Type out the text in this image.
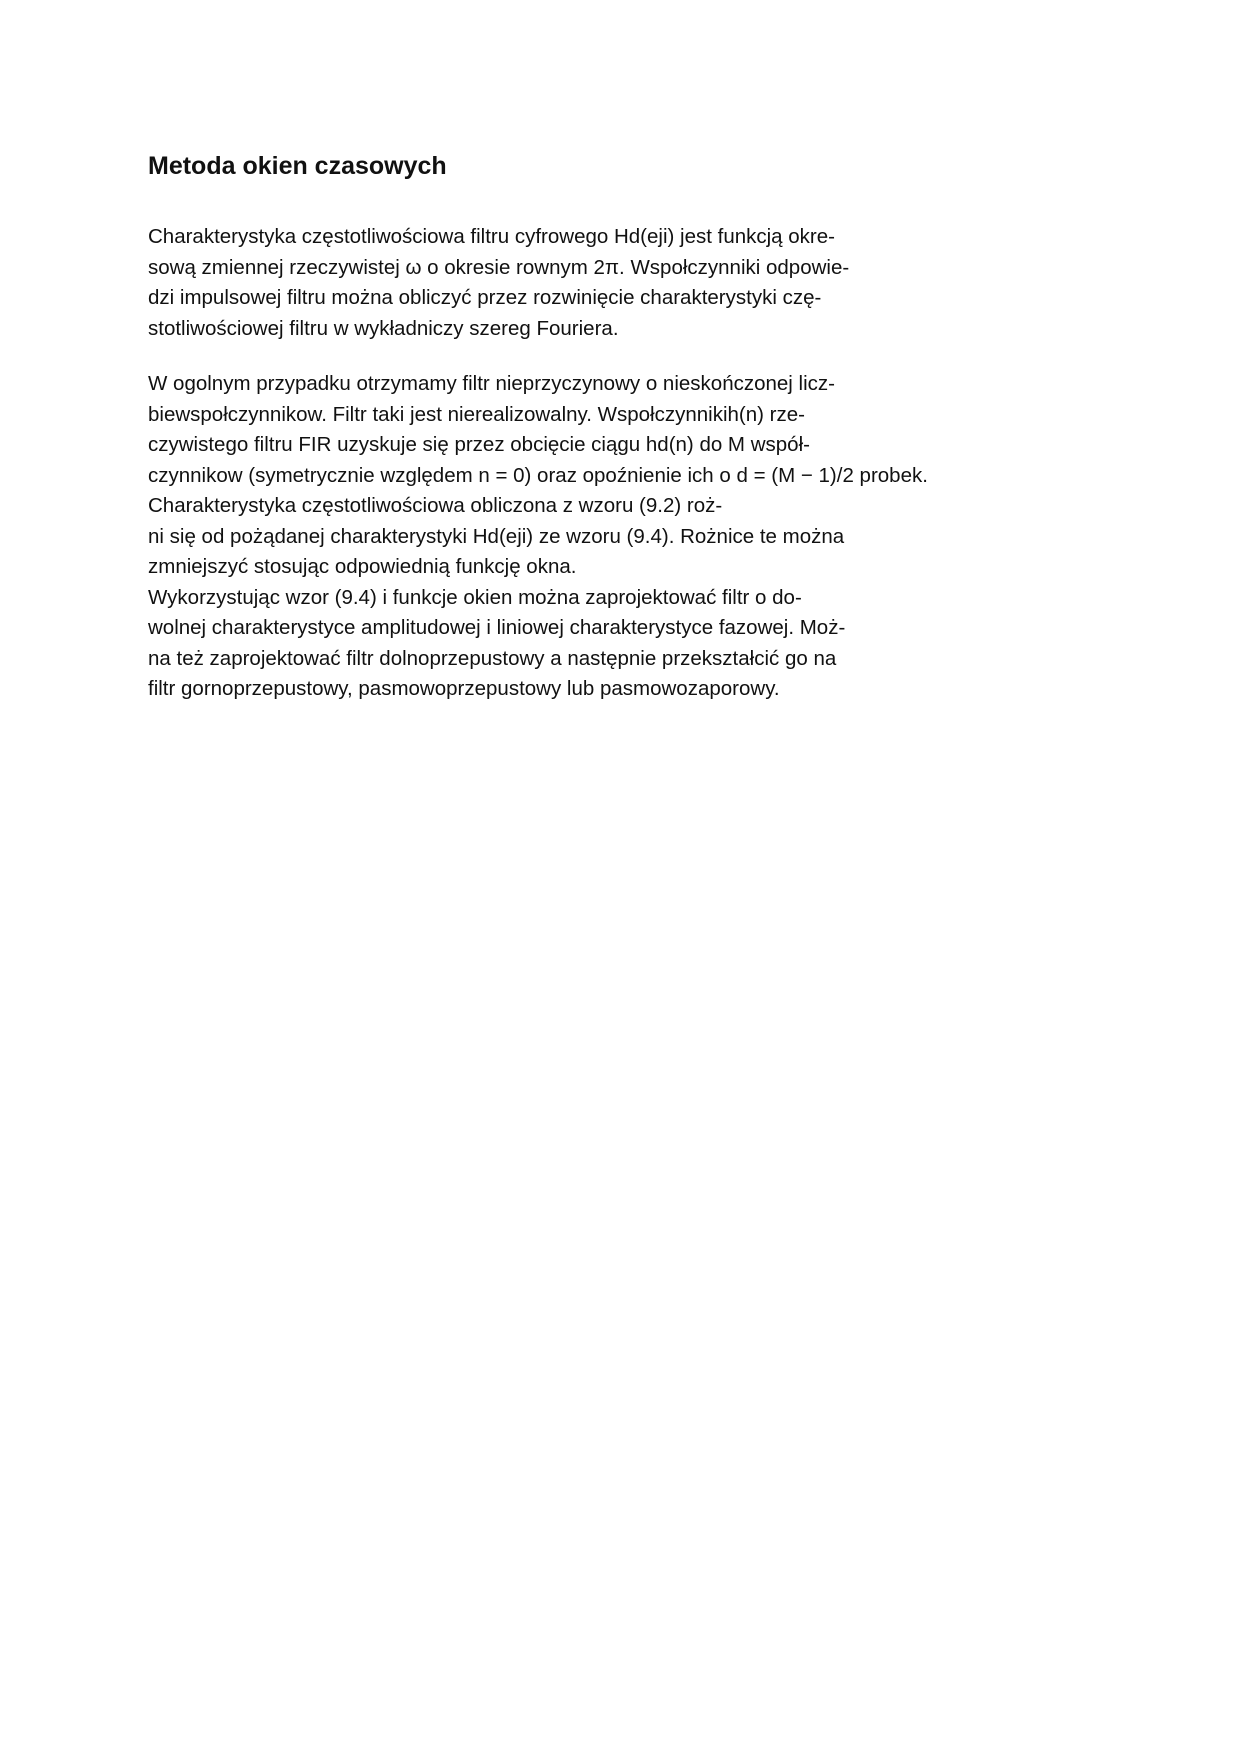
Metoda okien czasowych

Charakterystyka częstotliwościowa filtru cyfrowego Hd(eji) jest funkcją okre-
sową zmiennej rzeczywistej ω o okresie rownym 2π. Wspołczynniki odpowie-
dzi impulsowej filtru można obliczyć przez rozwinięcie charakterystyki czę-
stotliwościowej filtru w wykładniczy szereg Fouriera.

W ogolnym przypadku otrzymamy filtr nieprzyczynowy o nieskończonej licz-
biewspołczynnikow. Filtr taki jest nierealizowalny. Wspołczynnikih(n) rze-
czywistego filtru FIR uzyskuje się przez obcięcie ciągu hd(n) do M współ-
czynnikow (symetrycznie względem n = 0) oraz opoźnienie ich o d = (M − 1)/2 probek.
Charakterystyka częstotliwościowa obliczona z wzoru (9.2) roż-
ni się od pożądanej charakterystyki Hd(eji) ze wzoru (9.4). Rożnice te można
zmniejszyć stosując odpowiednią funkcję okna.
Wykorzystując wzor (9.4) i funkcje okien można zaprojektować filtr o do-
wolnej charakterystyce amplitudowej i liniowej charakterystyce fazowej. Moż-
na też zaprojektować filtr dolnoprzepustowy a następnie przekształcić go na
filtr gornoprzepustowy, pasmowoprzepustowy lub pasmowozaporowy.
